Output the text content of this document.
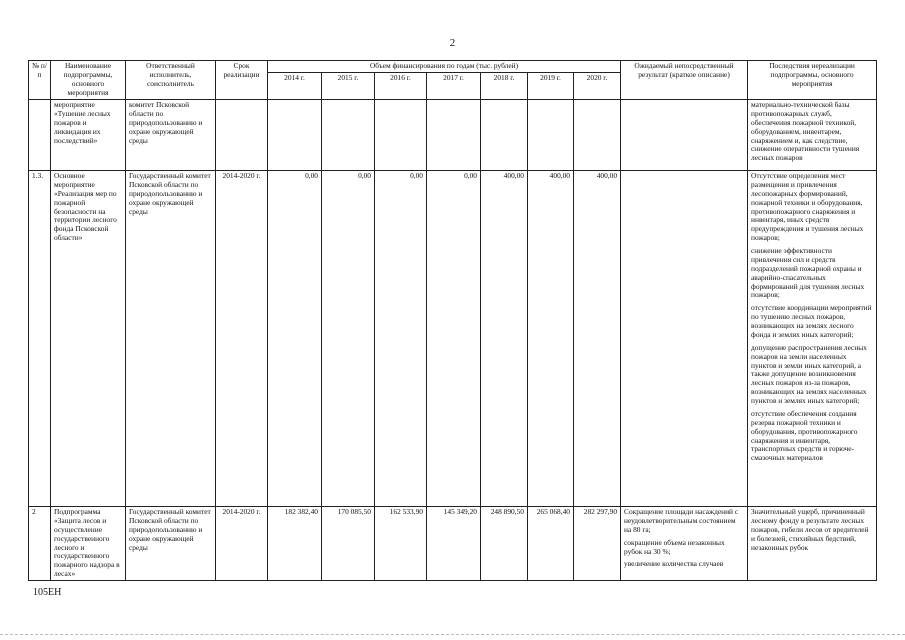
2
№ п/п	Наименование подпрограммы, основного мероприятия	Ответственный исполнитель, соисполнитель	Срок реализации	Объем финансирования по годам (тыс. рублей)							Ожидаемый непосредственный результат (краткое описание)	Последствия нереализации подпрограммы, основного мероприятия
				2014 г.	2015 г.	2016 г.	2017 г.	2018 г.	2019 г.	2020 г.		
	мероприятие «Тушение лесных пожаров и ликвидация их последствий»	комитет Псковской области по природопользованию и охране окружающей среды										материально-технической базы противопожарных служб, обеспечения пожарной техникой, оборудованием, инвентарем, снаряжением и, как следствие, снижение оперативности тушения лесных пожаров
1.3.	Основное мероприятие «Реализация мер по пожарной безопасности на территории лесного фонда Псковской области»	Государственный комитет Псковской области по природопользованию и охране окружающей среды	2014-2020 г.	0,00	0,00	0,00	0,00	400,00	400,00	400,00		Отсутствие определения мест размещения и привлечения лесопожарных формирований, пожарной техники и оборудования, противопожарного снаряжения и инвентаря, иных средств предупреждения и тушения лесных пожаров;

снижение эффективности привлечения сил и средств подразделений пожарной охраны и аварийно-спасательных формирований для тушения лесных пожаров;

отсутствие координации мероприятий по тушению лесных пожаров, возникающих на землях лесного фонда и землях иных категорий;

допущение распространения лесных пожаров на земли населенных пунктов и земли иных категорий, а также допущение возникновения лесных пожаров из-за пожаров, возникающих на землях населенных пунктов и землях иных категорий;

отсутствие обеспечения создания резерва пожарной техники и оборудования, противопожарного снаряжения и инвентаря, транспортных средств и горюче-смазочных материалов

2	Подпрограмма «Защита лесов и осуществление государственного лесного и государственного пожарного надзора в лесах»	Государственный комитет Псковской области по природопользованию и охране окружающей среды	2014-2020 г.	182 382,40	170 085,50	162 533,90	145 349,20	248 890,50	265 068,40	282 297,90	Сокращение площади насаждений с неудовлетворительным состоянием на 80 га;

сокращение объема незаконных рубок на 30 %;

увеличение количества случаев	Значительный ущерб, причиненный лесному фонду в результате лесных пожаров, гибели лесов от вредителей и болезней, стихийных бедствий, незаконных рубок
105ЕН
